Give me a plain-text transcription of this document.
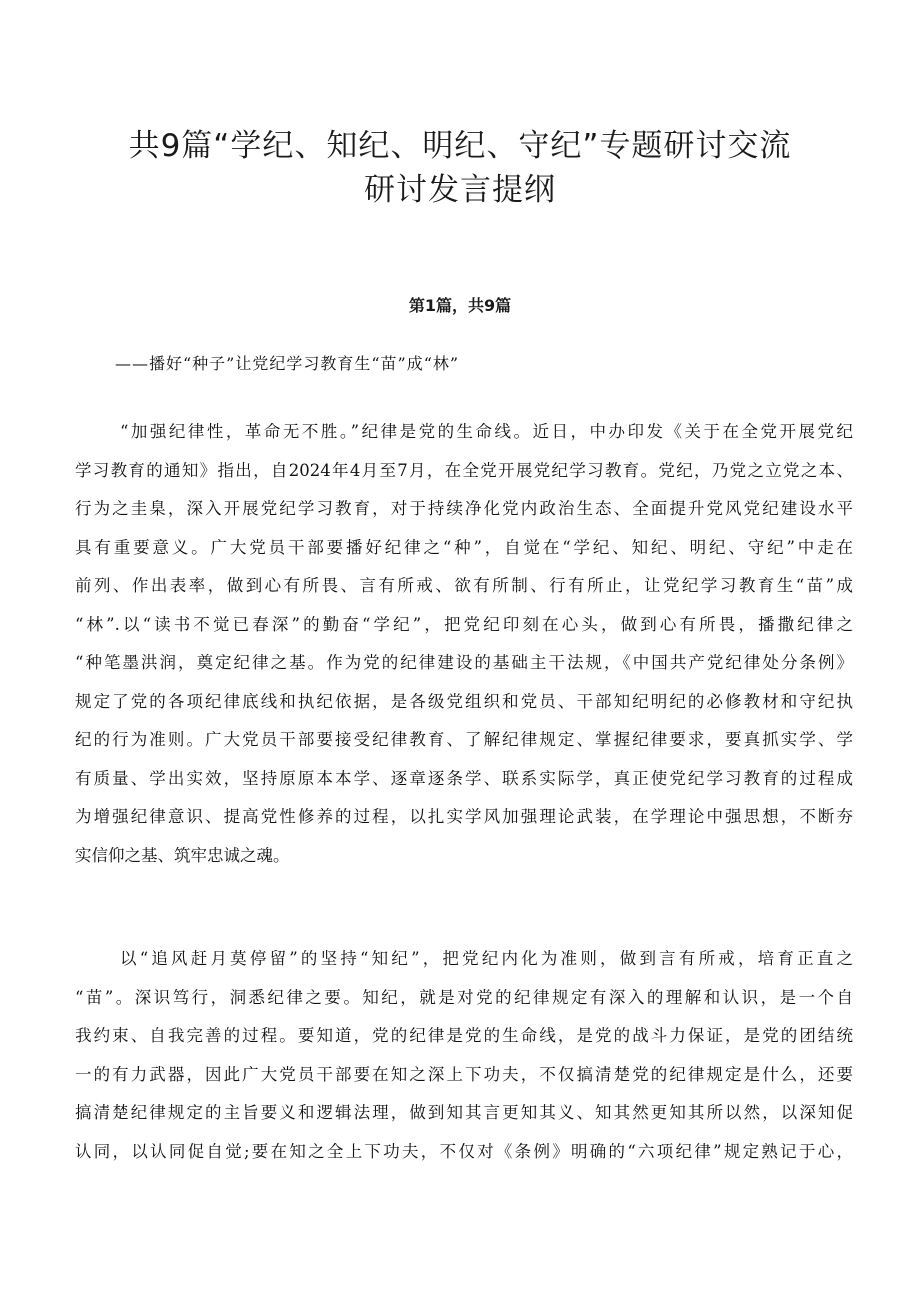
共9篇“学纪、知纪、明纪、守纪”专题研讨交流
研讨发言提纲
第1篇，共9篇
——播好“种子”让党纪学习教育生“苗”成“林”
“加强纪律性，革命无不胜。”纪律是党的生命线。近日，中办印发《关于在全党开展党纪
学习教育的通知》指出，自2024年4月至7月，在全党开展党纪学习教育。党纪，乃党之立党之本、
行为之圭臬，深入开展党纪学习教育，对于持续净化党内政治生态、全面提升党风党纪建设水平
具有重要意义。广大党员干部要播好纪律之“种”，自觉在“学纪、知纪、明纪、守纪”中走在
前列、作出表率，做到心有所畏、言有所戒、欲有所制、行有所止，让党纪学习教育生“苗”成
“林”.以“读书不觉已春深”的勤奋“学纪”，把党纪印刻在心头，做到心有所畏，播撒纪律之
“种笔墨洪润，奠定纪律之基。作为党的纪律建设的基础主干法规，《中国共产党纪律处分条例》
规定了党的各项纪律底线和执纪依据，是各级党组织和党员、干部知纪明纪的必修教材和守纪执
纪的行为准则。广大党员干部要接受纪律教育、了解纪律规定、掌握纪律要求，要真抓实学、学
有质量、学出实效，坚持原原本本学、逐章逐条学、联系实际学，真正使党纪学习教育的过程成
为增强纪律意识、提高党性修养的过程，以扎实学风加强理论武装，在学理论中强思想，不断夯
实信仰之基、筑牢忠诚之魂。
以“追风赶月莫停留”的坚持“知纪”，把党纪内化为准则，做到言有所戒，培育正直之
“苗”。深识笃行，洞悉纪律之要。知纪，就是对党的纪律规定有深入的理解和认识，是一个自
我约束、自我完善的过程。要知道，党的纪律是党的生命线，是党的战斗力保证，是党的团结统
一的有力武器，因此广大党员干部要在知之深上下功夫，不仅搞清楚党的纪律规定是什么，还要
搞清楚纪律规定的主旨要义和逻辑法理，做到知其言更知其义、知其然更知其所以然，以深知促
认同，以认同促自觉;要在知之全上下功夫，不仅对《条例》明确的“六项纪律”规定熟记于心，
